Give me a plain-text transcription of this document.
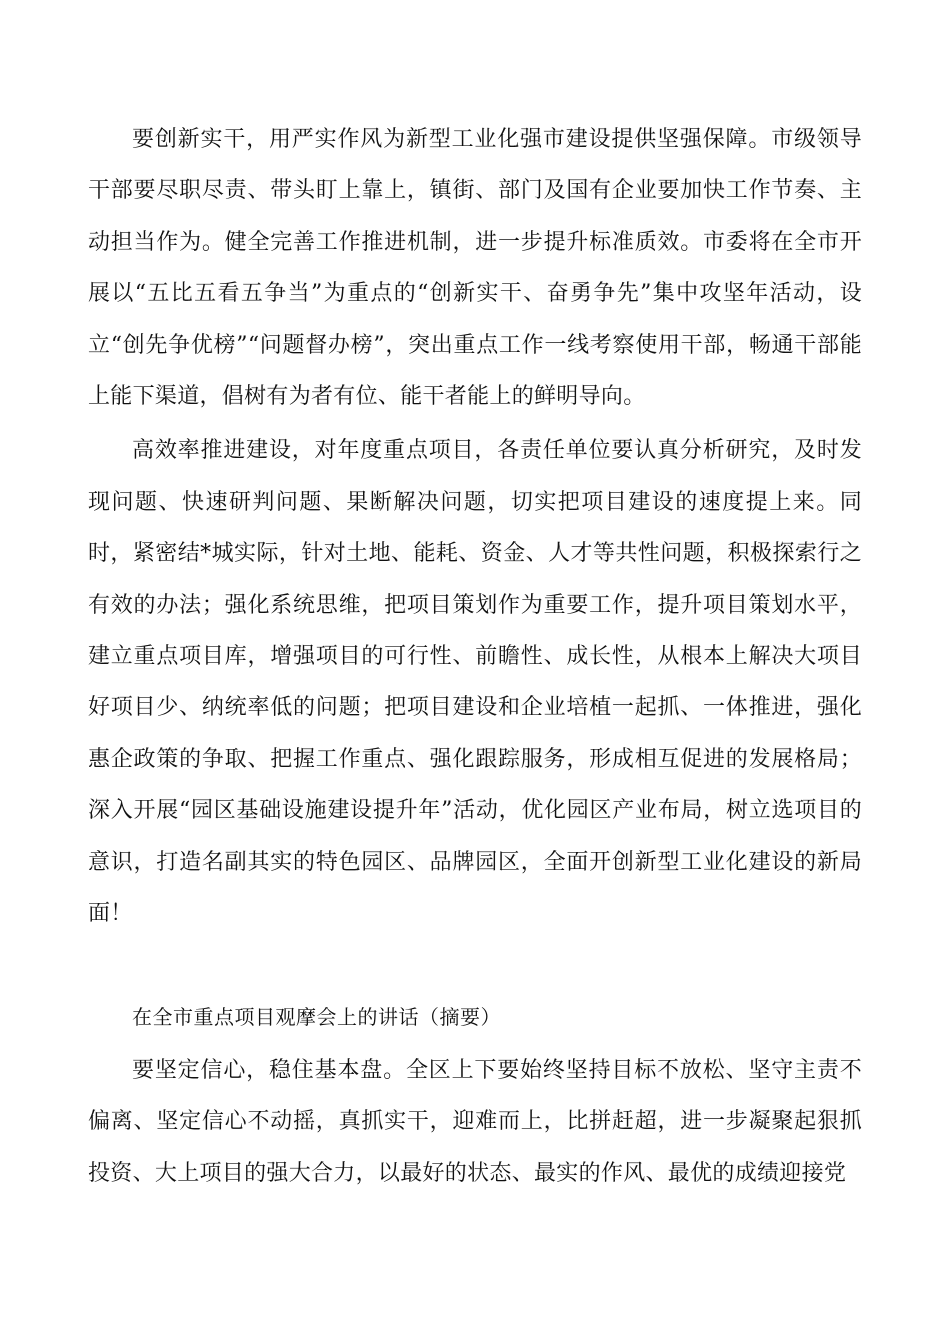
要创新实干，用严实作风为新型工业化强市建设提供坚强保障。市级领导干部要尽职尽责、带头盯上靠上，镇街、部门及国有企业要加快工作节奏、主动担当作为。健全完善工作推进机制，进一步提升标准质效。市委将在全市开展以“五比五看五争当”为重点的“创新实干、奋勇争先”集中攻坚年活动，设立“创先争优榜”“问题督办榜”，突出重点工作一线考察使用干部，畅通干部能上能下渠道，倡树有为者有位、能干者能上的鲜明导向。

高效率推进建设，对年度重点项目，各责任单位要认真分析研究，及时发现问题、快速研判问题、果断解决问题，切实把项目建设的速度提上来。同时，紧密结*城实际，针对土地、能耗、资金、人才等共性问题，积极探索行之有效的办法；强化系统思维，把项目策划作为重要工作，提升项目策划水平，建立重点项目库，增强项目的可行性、前瞻性、成长性，从根本上解决大项目好项目少、纳统率低的问题；把项目建设和企业培植一起抓、一体推进，强化惠企政策的争取、把握工作重点、强化跟踪服务，形成相互促进的发展格局；深入开展“园区基础设施建设提升年”活动，优化园区产业布局，树立选项目的意识，打造名副其实的特色园区、品牌园区，全面开创新型工业化建设的新局面！

在全市重点项目观摩会上的讲话（摘要）

要坚定信心，稳住基本盘。全区上下要始终坚持目标不放松、坚守主责不偏离、坚定信心不动摇，真抓实干，迎难而上，比拼赶超，进一步凝聚起狠抓投资、大上项目的强大合力，以最好的状态、最实的作风、最优的成绩迎接党
